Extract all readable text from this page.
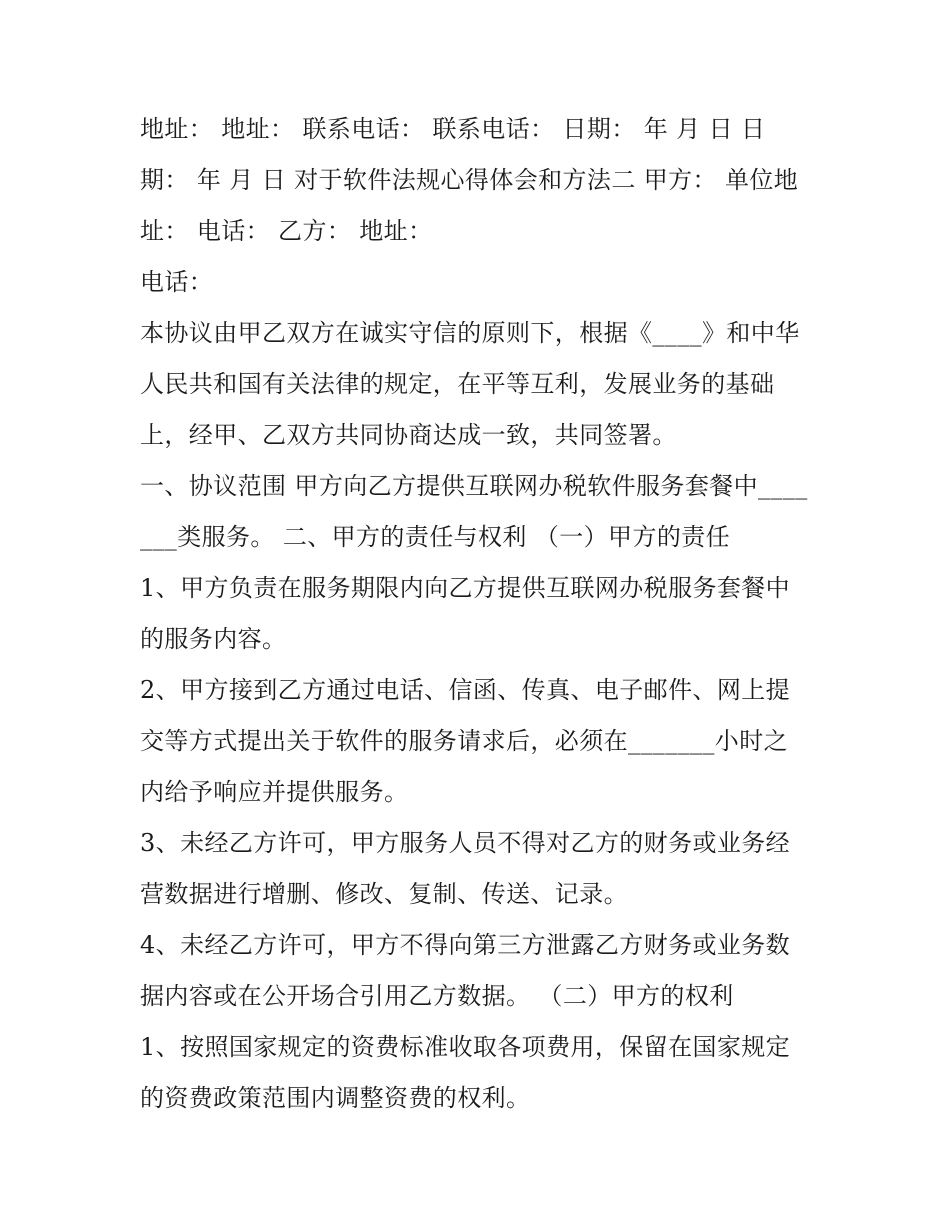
地址： 地址： 联系电话： 联系电话： 日期： 年 月 日 日期： 年 月 日 对于软件法规心得体会和方法二 甲方： 单位地址： 电话： 乙方： 地址：

电话：

本协议由甲乙双方在诚实守信的原则下，根据《____》和中华人民共和国有关法律的规定，在平等互利，发展业务的基础上，经甲、乙双方共同协商达成一致，共同签署。

一、协议范围 甲方向乙方提供互联网办税软件服务套餐中_______类服务。 二、甲方的责任与权利 （一）甲方的责任

1、甲方负责在服务期限内向乙方提供互联网办税服务套餐中的服务内容。

2、甲方接到乙方通过电话、信函、传真、电子邮件、网上提交等方式提出关于软件的服务请求后，必须在_______小时之内给予响应并提供服务。

3、未经乙方许可，甲方服务人员不得对乙方的财务或业务经营数据进行增删、修改、复制、传送、记录。

4、未经乙方许可，甲方不得向第三方泄露乙方财务或业务数据内容或在公开场合引用乙方数据。 （二）甲方的权利

1、按照国家规定的资费标准收取各项费用，保留在国家规定的资费政策范围内调整资费的权利。
